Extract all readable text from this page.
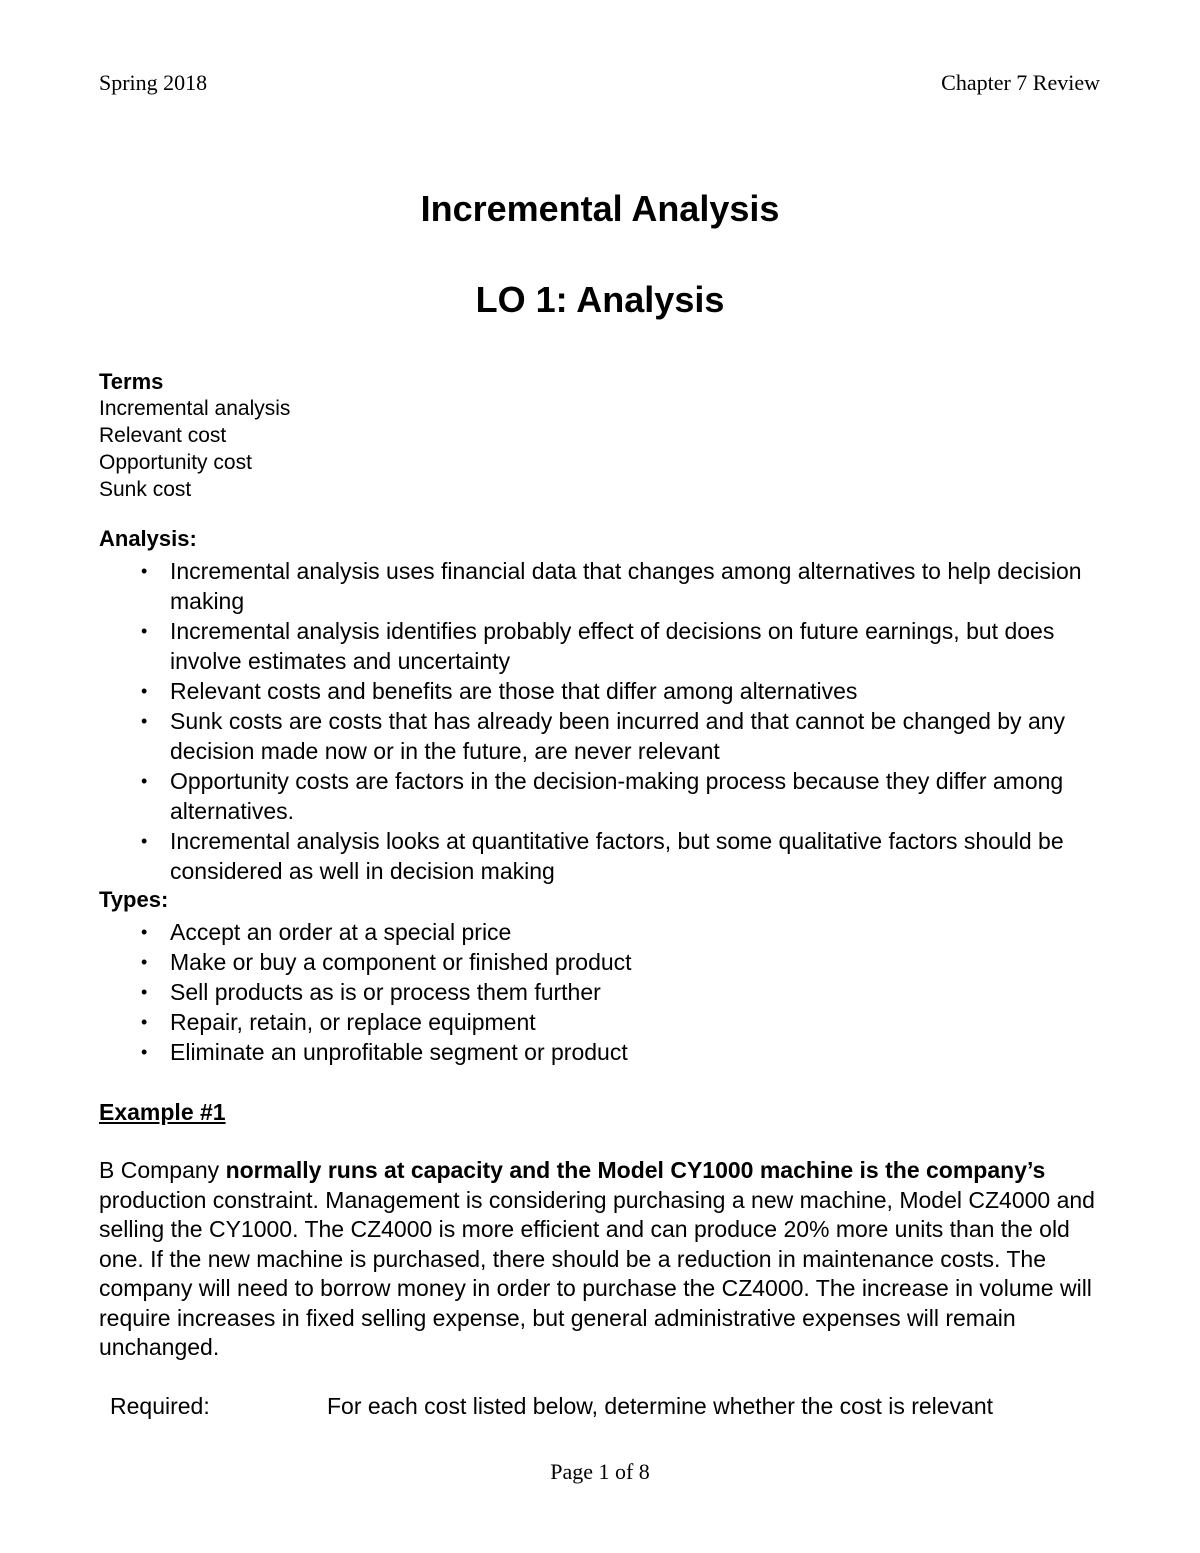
Spring 2018	Chapter 7 Review
Incremental Analysis
LO 1: Analysis
Terms
Incremental analysis
Relevant cost
Opportunity cost
Sunk cost
Analysis:
• Incremental analysis uses financial data that changes among alternatives to help decision making
• Incremental analysis identifies probably effect of decisions on future earnings, but does involve estimates and uncertainty
• Relevant costs and benefits are those that differ among alternatives
• Sunk costs are costs that has already been incurred and that cannot be changed by any decision made now or in the future, are never relevant
• Opportunity costs are factors in the decision-making process because they differ among alternatives.
• Incremental analysis looks at quantitative factors, but some qualitative factors should be considered as well in decision making
Types:
• Accept an order at a special price
• Make or buy a component or finished product
• Sell products as is or process them further
• Repair, retain, or replace equipment
• Eliminate an unprofitable segment or product
Example #1
B Company normally runs at capacity and the Model CY1000 machine is the company’s production constraint. Management is considering purchasing a new machine, Model CZ4000 and selling the CY1000. The CZ4000 is more efficient and can produce 20% more units than the old one. If the new machine is purchased, there should be a reduction in maintenance costs. The company will need to borrow money in order to purchase the CZ4000. The increase in volume will require increases in fixed selling expense, but general administrative expenses will remain unchanged.
Required:	For each cost listed below, determine whether the cost is relevant
Page 1 of 8
